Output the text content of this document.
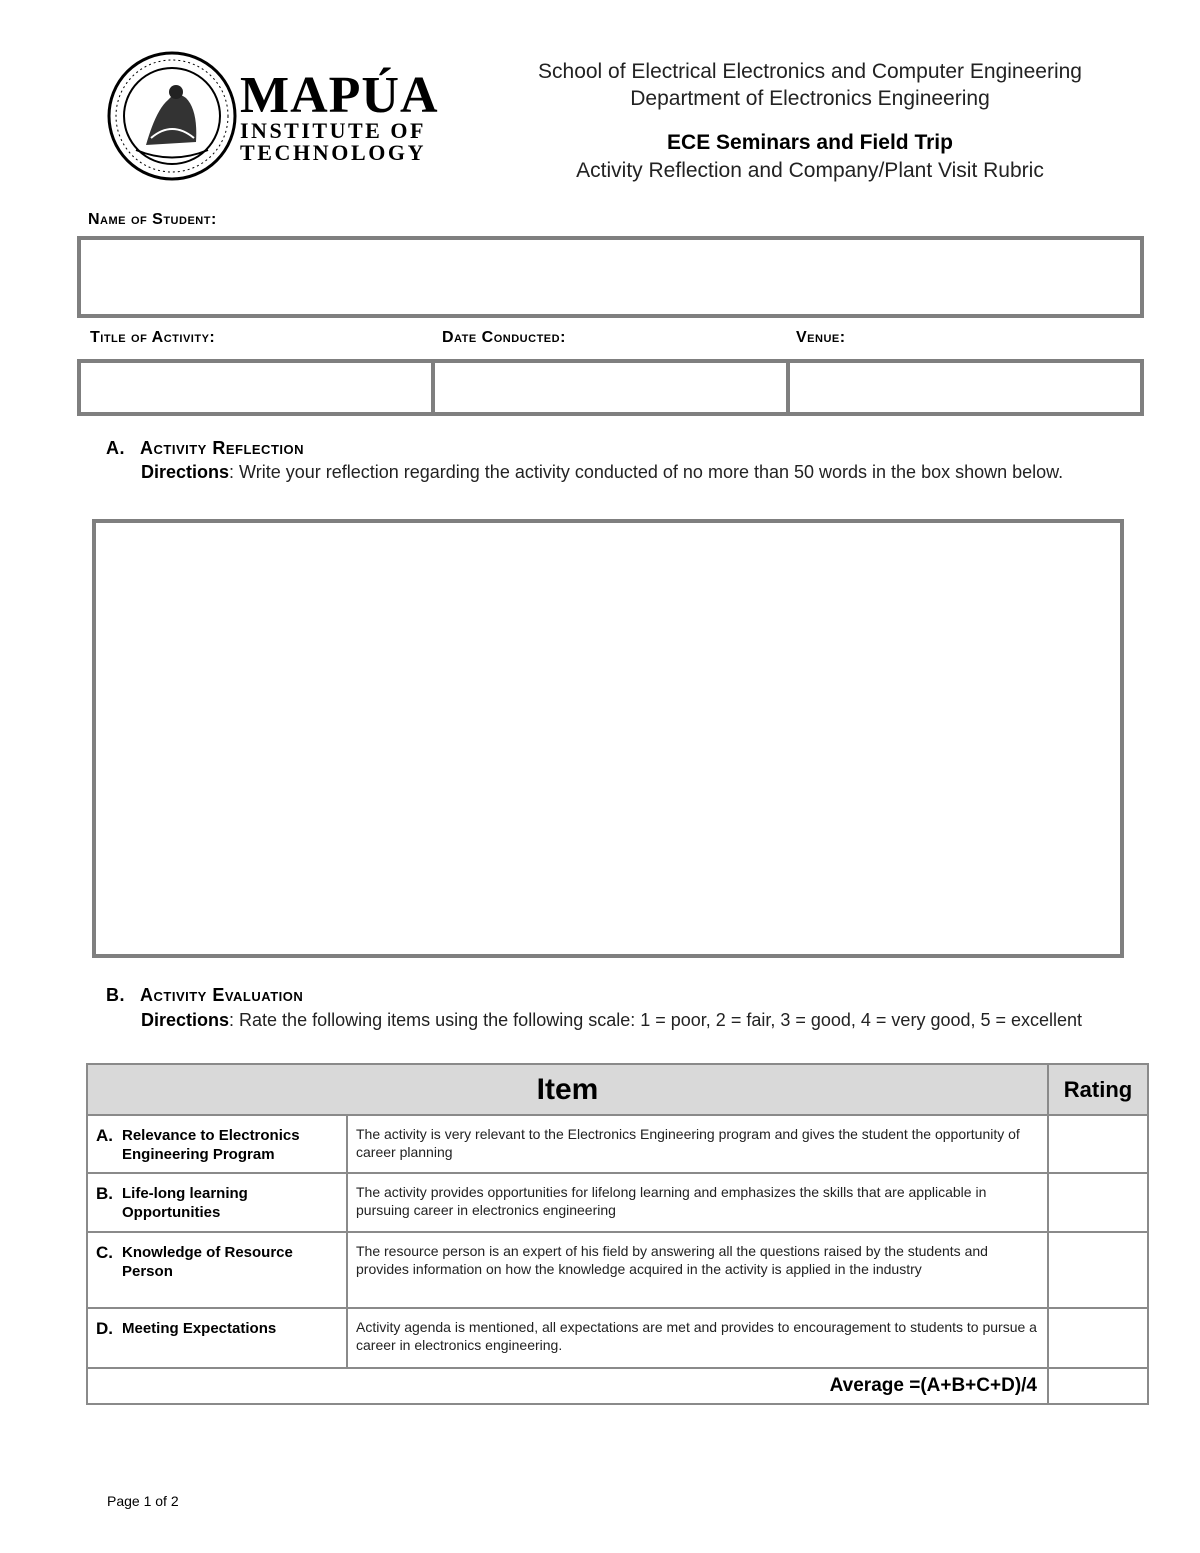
MAPÚA
INSTITUTE OF
TECHNOLOGY
School of Electrical Electronics and Computer Engineering
Department of Electronics Engineering
ECE Seminars and Field Trip
Activity Reflection and Company/Plant Visit Rubric
Name of Student:
Title of Activity:	Date Conducted:	Venue:
A. Activity Reflection
Directions: Write your reflection regarding the activity conducted of no more than 50 words in the box shown below.
B. Activity Evaluation
Directions: Rate the following items using the following scale: 1 = poor, 2 = fair, 3 = good, 4 = very good, 5 = excellent
Item		Rating
A. Relevance to Electronics Engineering Program	The activity is very relevant to the Electronics Engineering program and gives the student the opportunity of career planning	
B. Life-long learning Opportunities	The activity provides opportunities for lifelong learning and emphasizes the skills that are applicable in pursuing career in electronics engineering	
C. Knowledge of Resource Person	The resource person is an expert of his field by answering all the questions raised by the students and provides information on how the knowledge acquired in the activity is applied in the industry	
D. Meeting Expectations	Activity agenda is mentioned, all expectations are met and provides to encouragement to students to pursue a career in electronics engineering.	
Average =(A+B+C+D)/4		
Page 1 of 2
